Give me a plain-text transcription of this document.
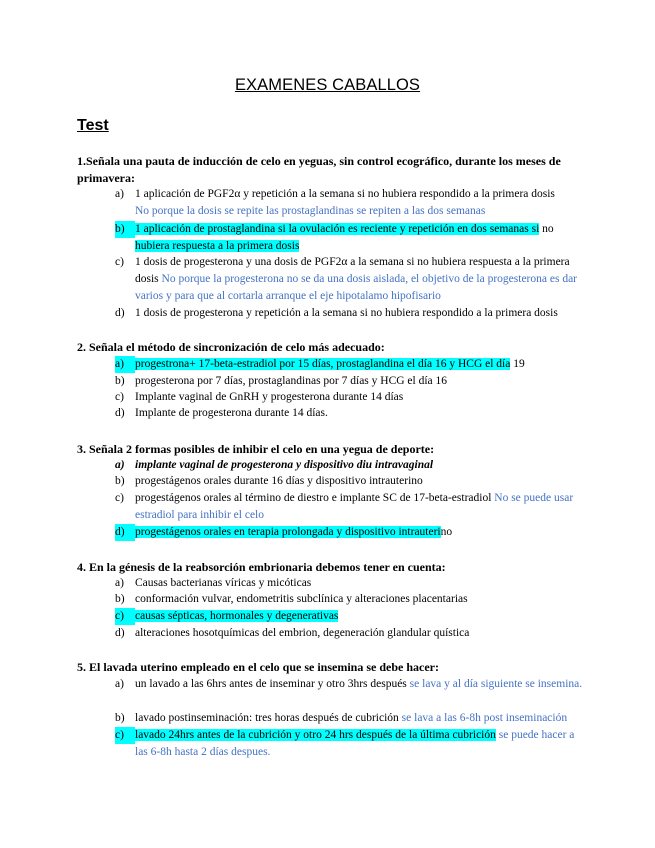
EXAMENES CABALLOS
Test
1.Señala una pauta de inducción de celo en yeguas, sin control ecográfico, durante los meses de primavera:
a) 1 aplicación de PGF2α y repetición a la semana si no hubiera respondido a la primera dosis
No porque la dosis se repite las prostaglandinas se repiten a las dos semanas
b) 1 aplicación de prostaglandina si la ovulación es reciente y repetición en dos semanas si no
hubiera respuesta a la primera dosis
c) 1 dosis de progesterona y una dosis de PGF2α a la semana si no hubiera respuesta a la primera dosis No porque la progesterona no se da una dosis aislada, el objetivo de la progesterona es dar varios y para que al cortarla arranque el eje hipotalamo hipofisario
d) 1 dosis de progesterona y repetición a la semana si no hubiera respondido a la primera dosis
2. Señala el método de sincronización de celo más adecuado:
a) progestrona+ 17-beta-estradiol por 15 días, prostaglandina el día 16 y HCG el día 19
b) progesterona por 7 días, prostaglandinas por 7 días y HCG el día 16
c) Implante vaginal de GnRH y progesterona durante 14 días
d) Implante de progesterona durante 14 días.
3. Señala 2 formas posibles de inhibir el celo en una yegua de deporte:
a) implante vaginal de progesterona y dispositivo diu intravaginal
b) progestágenos orales durante 16 días y dispositivo intrauterino
c) progestágenos orales al término de diestro e implante SC de 17-beta-estradiol No se puede usar estradiol para inhibir el celo
d) progestágenos orales en terapia prolongada y dispositivo intrauterino
4. En la génesis de la reabsorción embrionaria debemos tener en cuenta:
a) Causas bacterianas víricas y micóticas
b) conformación vulvar, endometritis subclínica y alteraciones placentarias
c) causas sépticas, hormonales y degenerativas
d) alteraciones hosotquímicas del embrion, degeneración glandular quística
5. El lavada uterino empleado en el celo que se insemina se debe hacer:
a) un lavado a las 6hrs antes de inseminar y otro 3hrs después se lava y al día siguiente se insemina.
b) lavado postinseminación: tres horas después de cubrición se lava a las 6-8h post inseminación
c) lavado 24hrs antes de la cubrición y otro 24 hrs después de la última cubrición se puede hacer a las 6-8h hasta 2 días despues.
